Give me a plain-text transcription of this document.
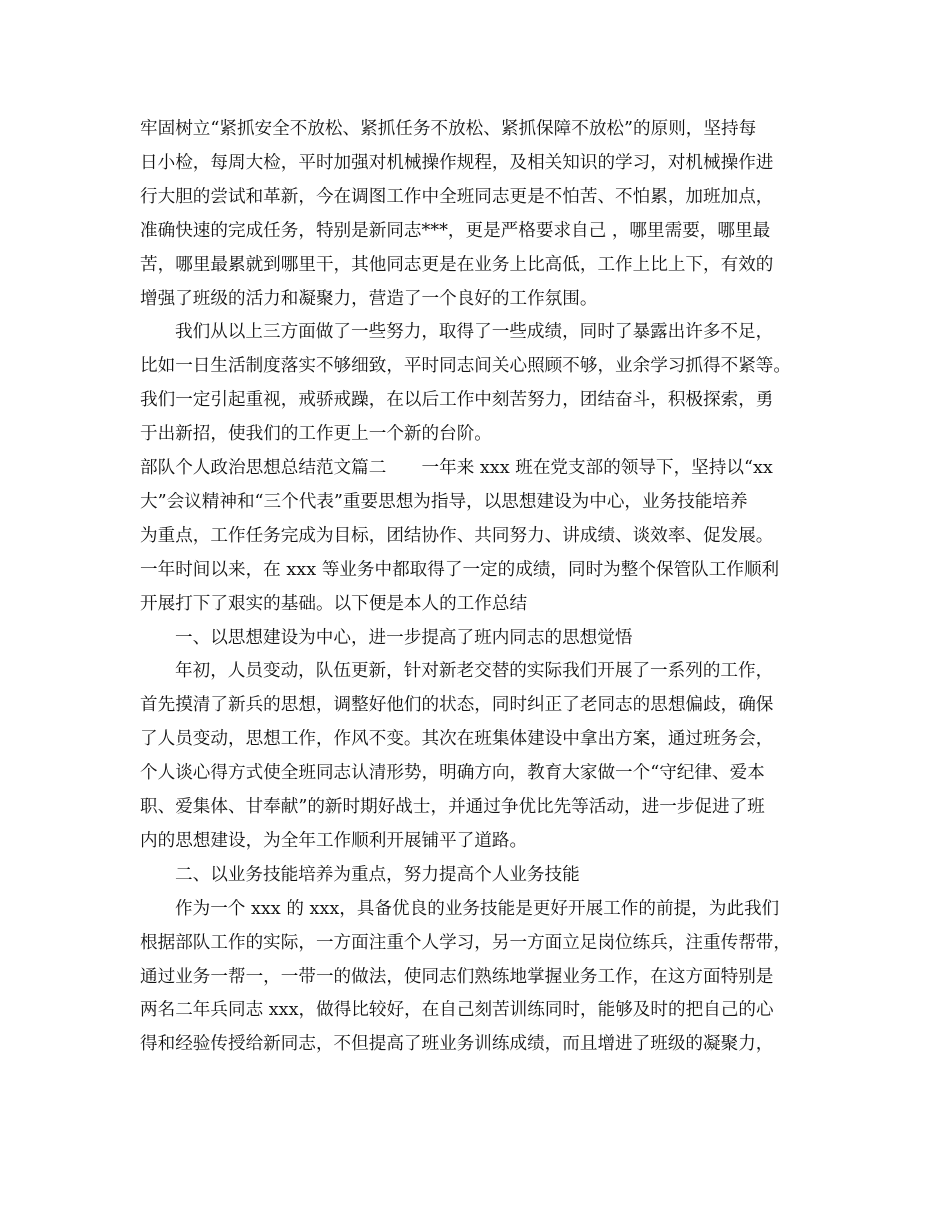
牢固树立“紧抓安全不放松、紧抓任务不放松、紧抓保障不放松”的原则，坚持每
日小检，每周大检，平时加强对机械操作规程，及相关知识的学习，对机械操作进
行大胆的尝试和革新，今在调图工作中全班同志更是不怕苦、不怕累，加班加点，
准确快速的完成任务，特别是新同志***，更是严格要求自己 ，哪里需要，哪里最
苦，哪里最累就到哪里干，其他同志更是在业务上比高低，工作上比上下，有效的
增强了班级的活力和凝聚力，营造了一个良好的工作氛围。
我们从以上三方面做了一些努力，取得了一些成绩，同时了暴露出许多不足，
比如一日生活制度落实不够细致，平时同志间关心照顾不够，业余学习抓得不紧等。
我们一定引起重视，戒骄戒躁，在以后工作中刻苦努力，团结奋斗，积极探索，勇
于出新招，使我们的工作更上一个新的台阶。
部队个人政治思想总结范文篇二　　一年来 xxx 班在党支部的领导下，坚持以“xx
大”会议精神和“三个代表”重要思想为指导，以思想建设为中心，业务技能培养
为重点，工作任务完成为目标，团结协作、共同努力、讲成绩、谈效率、促发展。
一年时间以来，在 xxx 等业务中都取得了一定的成绩，同时为整个保管队工作顺利
开展打下了艰实的基础。以下便是本人的工作总结
一、以思想建设为中心，进一步提高了班内同志的思想觉悟
年初，人员变动，队伍更新，针对新老交替的实际我们开展了一系列的工作，
首先摸清了新兵的思想，调整好他们的状态，同时纠正了老同志的思想偏歧，确保
了人员变动，思想工作，作风不变。其次在班集体建设中拿出方案，通过班务会，
个人谈心得方式使全班同志认清形势，明确方向，教育大家做一个“守纪律、爱本
职、爱集体、甘奉献”的新时期好战士，并通过争优比先等活动，进一步促进了班
内的思想建设，为全年工作顺利开展铺平了道路。
二、以业务技能培养为重点，努力提高个人业务技能
作为一个 xxx 的 xxx，具备优良的业务技能是更好开展工作的前提，为此我们
根据部队工作的实际，一方面注重个人学习，另一方面立足岗位练兵，注重传帮带，
通过业务一帮一，一带一的做法，使同志们熟练地掌握业务工作，在这方面特别是
两名二年兵同志 xxx，做得比较好，在自己刻苦训练同时，能够及时的把自己的心
得和经验传授给新同志，不但提高了班业务训练成绩，而且增进了班级的凝聚力，
